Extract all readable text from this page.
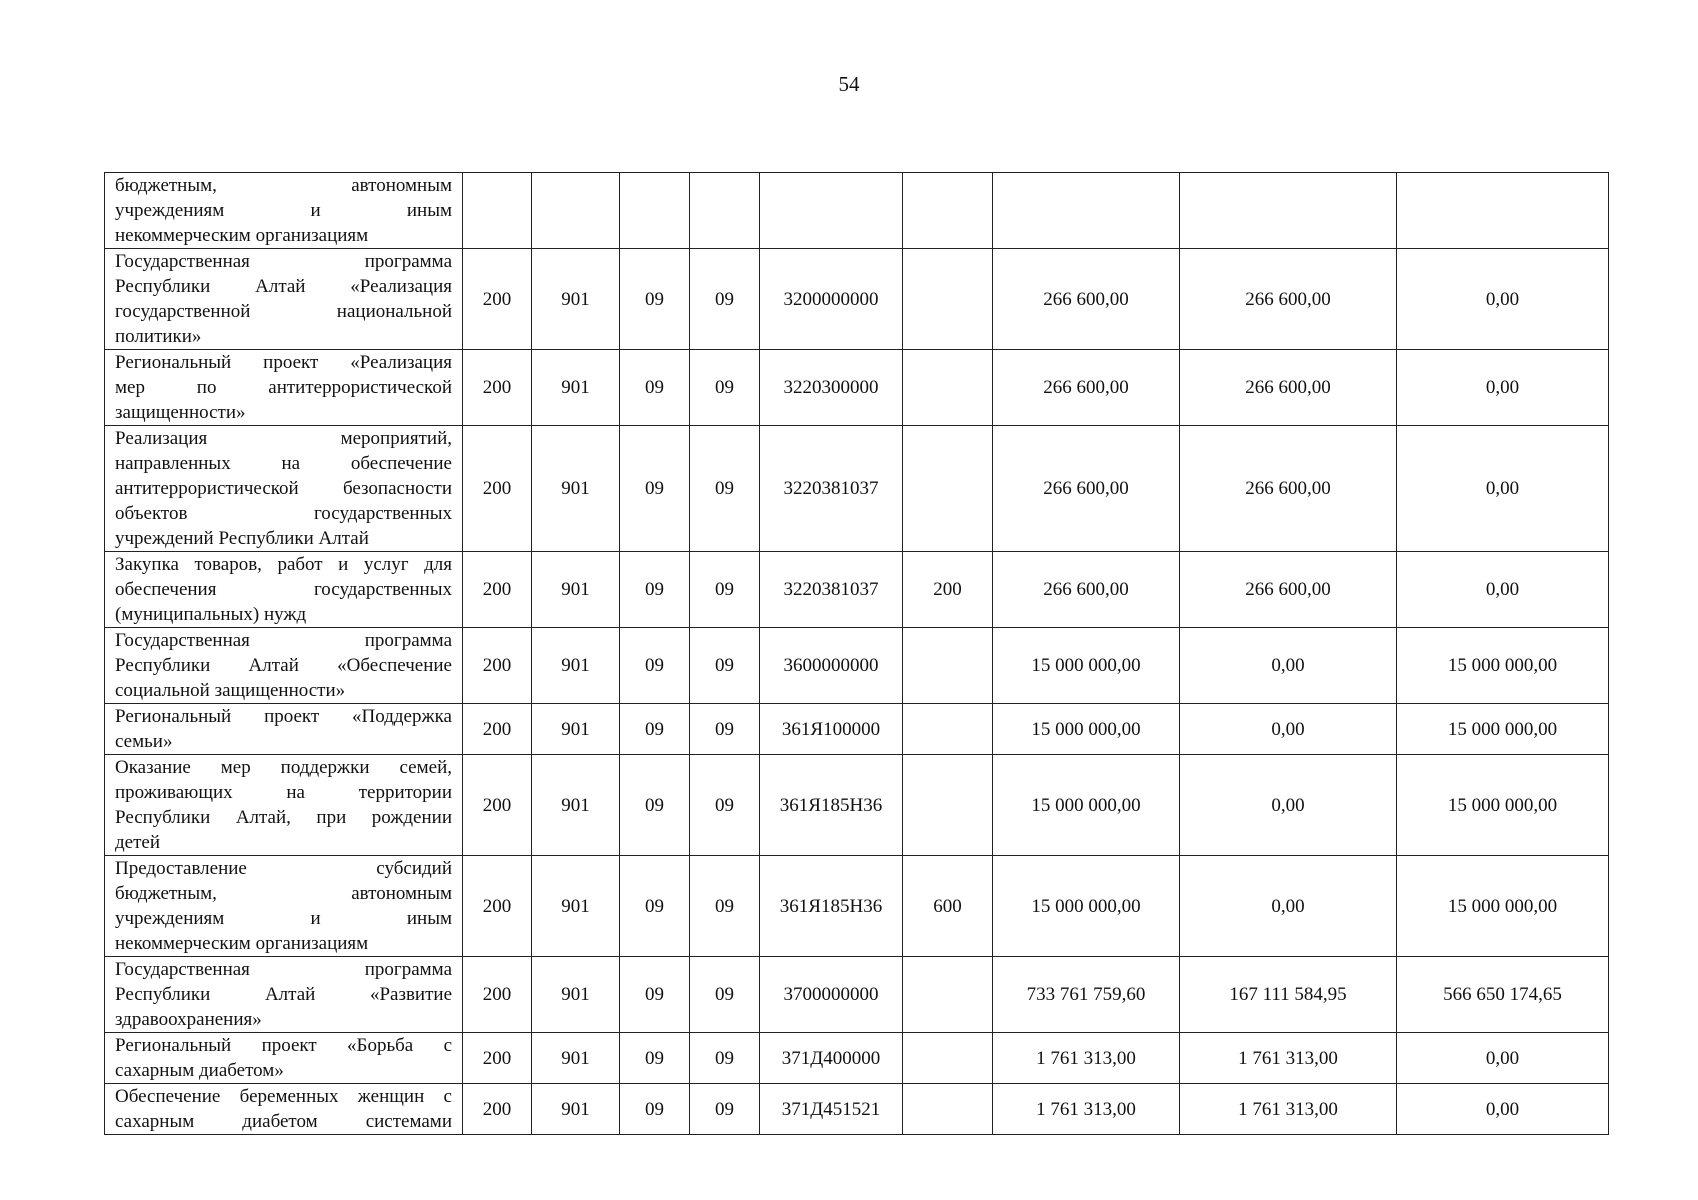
54
бюджетным, автономным
учреждениям и иным
некоммерческим организациям									

Государственная программа
Республики Алтай «Реализация
государственной национальной
политики»	200	901	09	09	3200000000		266 600,00	266 600,00	0,00

Региональный проект «Реализация
мер по антитеррористической
защищенности»	200	901	09	09	3220300000		266 600,00	266 600,00	0,00

Реализация мероприятий,
направленных на обеспечение
антитеррористической безопасности
объектов государственных
учреждений Республики Алтай	200	901	09	09	3220381037		266 600,00	266 600,00	0,00

Закупка товаров, работ и услуг для
обеспечения государственных
(муниципальных) нужд	200	901	09	09	3220381037	200	266 600,00	266 600,00	0,00

Государственная программа
Республики Алтай «Обеспечение
социальной защищенности»	200	901	09	09	3600000000		15 000 000,00	0,00	15 000 000,00

Региональный проект «Поддержка
семьи»	200	901	09	09	361Я100000		15 000 000,00	0,00	15 000 000,00

Оказание мер поддержки семей,
проживающих на территории
Республики Алтай, при рождении
детей	200	901	09	09	361Я185Н36		15 000 000,00	0,00	15 000 000,00

Предоставление субсидий
бюджетным, автономным
учреждениям и иным
некоммерческим организациям	200	901	09	09	361Я185Н36	600	15 000 000,00	0,00	15 000 000,00

Государственная программа
Республики Алтай «Развитие
здравоохранения»	200	901	09	09	3700000000		733 761 759,60	167 111 584,95	566 650 174,65

Региональный проект «Борьба с
сахарным диабетом»	200	901	09	09	371Д400000		1 761 313,00	1 761 313,00	0,00

Обеспечение беременных женщин с
сахарным диабетом системами	200	901	09	09	371Д451521		1 761 313,00	1 761 313,00	0,00
